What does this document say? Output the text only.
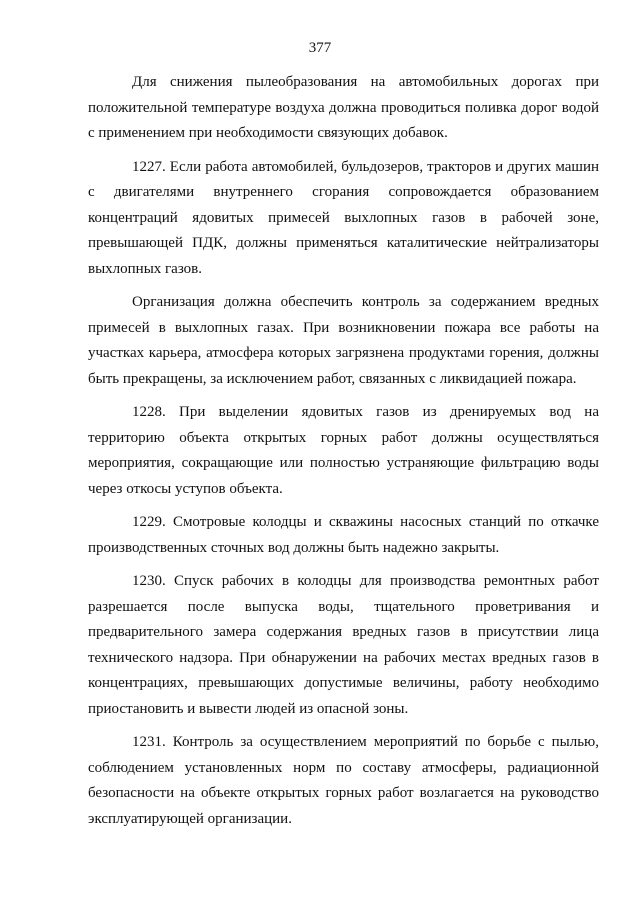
377

Для снижения пылеобразования на автомобильных дорогах при положительной температуре воздуха должна проводиться поливка дорог водой с применением при необходимости связующих добавок.

1227. Если работа автомобилей, бульдозеров, тракторов и других машин с двигателями внутреннего сгорания сопровождается образованием концентраций ядовитых примесей выхлопных газов в рабочей зоне, превышающей ПДК, должны применяться каталитические нейтрализаторы выхлопных газов.

Организация должна обеспечить контроль за содержанием вредных примесей в выхлопных газах. При возникновении пожара все работы на участках карьера, атмосфера которых загрязнена продуктами горения, должны быть прекращены, за исключением работ, связанных с ликвидацией пожара.

1228. При выделении ядовитых газов из дренируемых вод на территорию объекта открытых горных работ должны осуществляться мероприятия, сокращающие или полностью устраняющие фильтрацию воды через откосы уступов объекта.

1229. Смотровые колодцы и скважины насосных станций по откачке производственных сточных вод должны быть надежно закрыты.

1230. Спуск рабочих в колодцы для производства ремонтных работ разрешается после выпуска воды, тщательного проветривания и предварительного замера содержания вредных газов в присутствии лица технического надзора. При обнаружении на рабочих местах вредных газов в концентрациях, превышающих допустимые величины, работу необходимо приостановить и вывести людей из опасной зоны.

1231. Контроль за осуществлением мероприятий по борьбе с пылью, соблюдением установленных норм по составу атмосферы, радиационной безопасности на объекте открытых горных работ возлагается на руководство эксплуатирующей организации.
